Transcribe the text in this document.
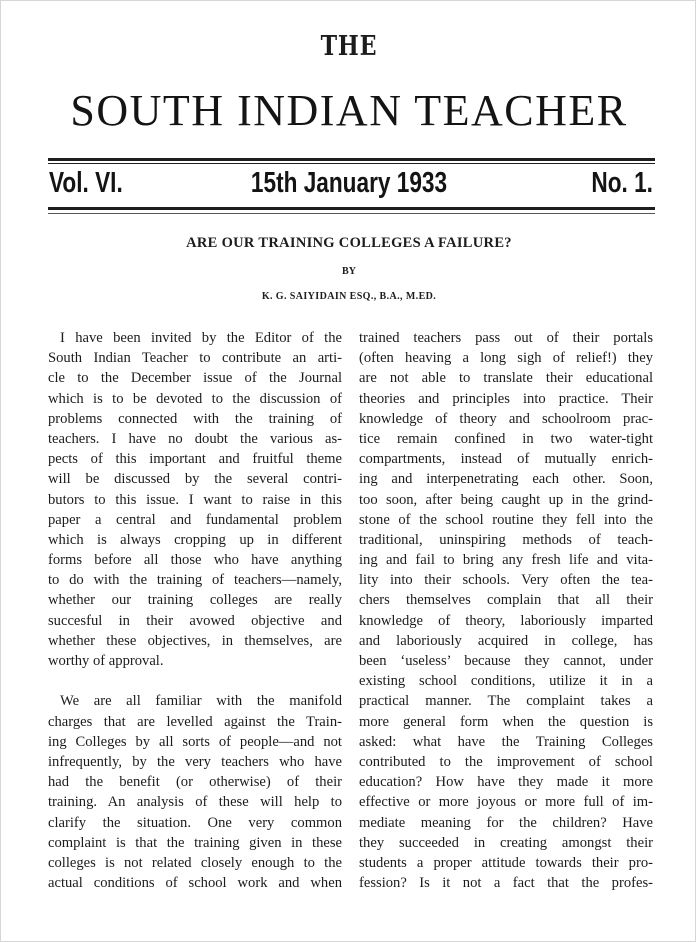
THE
SOUTH INDIAN TEACHER
Vol. VI.	15th January 1933	No. 1.
ARE OUR TRAINING COLLEGES A FAILURE?
BY
K. G. SAIYIDAIN ESQ., B.A., M.ED.
I have been invited by the Editor of the
South Indian Teacher to contribute an arti-
cle to the December issue of the Journal
which is to be devoted to the discussion of
problems connected with the training of
teachers. I have no doubt the various as-
pects of this important and fruitful theme
will be discussed by the several contri-
butors to this issue. I want to raise in this
paper a central and fundamental problem
which is always cropping up in different
forms before all those who have anything
to do with the training of teachers—namely,
whether our training colleges are really
succesful in their avowed objective and
whether these objectives, in themselves, are
worthy of approval.
We are all familiar with the manifold
charges that are levelled against the Train-
ing Colleges by all sorts of people—and not
infrequently, by the very teachers who have
had the benefit (or otherwise) of their
training. An analysis of these will help to
clarify the situation. One very common
complaint is that the training given in these
colleges is not related closely enough to the
actual conditions of school work and when
trained teachers pass out of their portals
(often heaving a long sigh of relief!) they
are not able to translate their educational
theories and principles into practice. Their
knowledge of theory and schoolroom prac-
tice remain confined in two water-tight
compartments, instead of mutually enrich-
ing and interpenetrating each other. Soon,
too soon, after being caught up in the grind-
stone of the school routine they fell into the
traditional, uninspiring methods of teach-
ing and fail to bring any fresh life and vita-
lity into their schools. Very often the tea-
chers themselves complain that all their
knowledge of theory, laboriously imparted
and laboriously acquired in college, has
been ‘useless’ because they cannot, under
existing school conditions, utilize it in a
practical manner. The complaint takes a
more general form when the question is
asked: what have the Training Colleges
contributed to the improvement of school
education? How have they made it more
effective or more joyous or more full of im-
mediate meaning for the children? Have
they succeeded in creating amongst their
students a proper attitude towards their pro-
fession? Is it not a fact that the profes-
